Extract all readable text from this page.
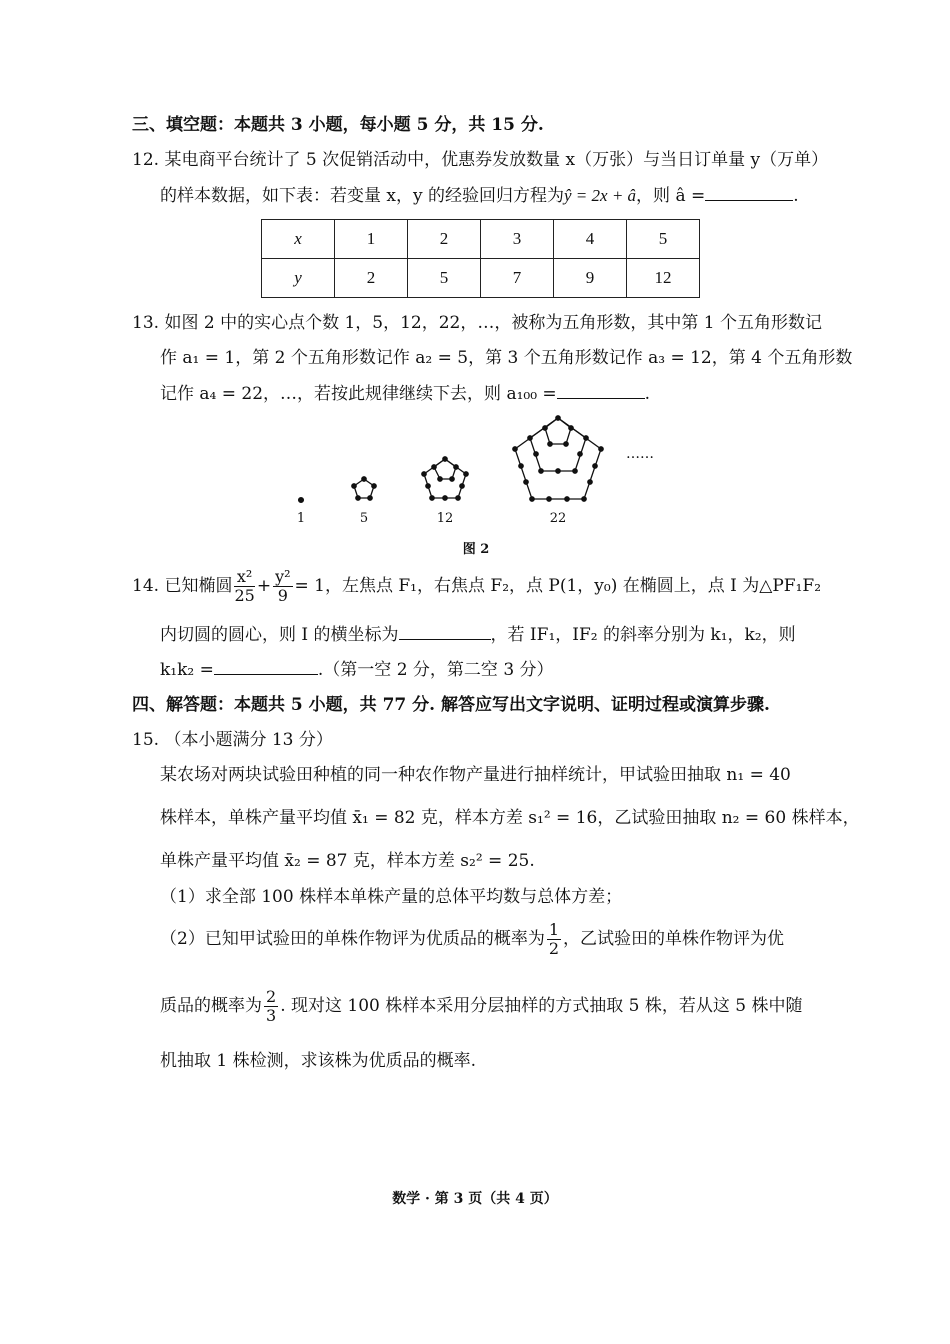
三、填空题：本题共 3 小题，每小题 5 分，共 15 分.
12. 某电商平台统计了 5 次促销活动中，优惠券发放数量 x（万张）与当日订单量 y（万单）
的样本数据，如下表：若变量 x，y 的经验回归方程为ŷ = 2x + â，则 â =	.
x	1	2	3	4	5
y	2	5	7	9	12
13. 如图 2 中的实心点个数 1，5，12，22，…，被称为五角形数，其中第 1 个五角形数记
作 a₁ = 1，第 2 个五角形数记作 a₂ = 5，第 3 个五角形数记作 a₃ = 12，第 4 个五角形数
记作 a₄ = 22，…，若按此规律继续下去，则 a₁₀₀ =	.
……
1	5	12	22
图 2
14. 已知椭圆 $\frac{\text{x²}}{25} + \frac{\text{y²}}{9} = 1$，左焦点 F₁，右焦点 F₂，点 P(1，y₀) 在椭圆上，点 I 为△PF₁F₂
内切圆的圆心，则 I 的横坐标为	，若 IF₁，IF₂ 的斜率分别为 k₁，k₂，则
k₁k₂ =	.（第一空 2 分，第二空 3 分）
四、解答题：本题共 5 小题，共 77 分. 解答应写出文字说明、证明过程或演算步骤.
15. （本小题满分 13 分）
某农场对两块试验田种植的同一种农作物产量进行抽样统计，甲试验田抽取 n₁ = 40
株样本，单株产量平均值 x̄₁ = 82 克，样本方差 s₁² = 16，乙试验田抽取 n₂ = 60 株样本，
单株产量平均值 x̄₂ = 87 克，样本方差 s₂² = 25.
（1）求全部 100 株样本单株产量的总体平均数与总体方差；
（2）已知甲试验田的单株作物评为优质品的概率为 $\frac{1}{2}$ ，乙试验田的单株作物评为优
质品的概率为 $\frac{2}{3}$ . 现对这 100 株样本采用分层抽样的方式抽取 5 株，若从这 5 株中随
机抽取 1 株检测，求该株为优质品的概率.
数学 · 第 3 页（共 4 页）
